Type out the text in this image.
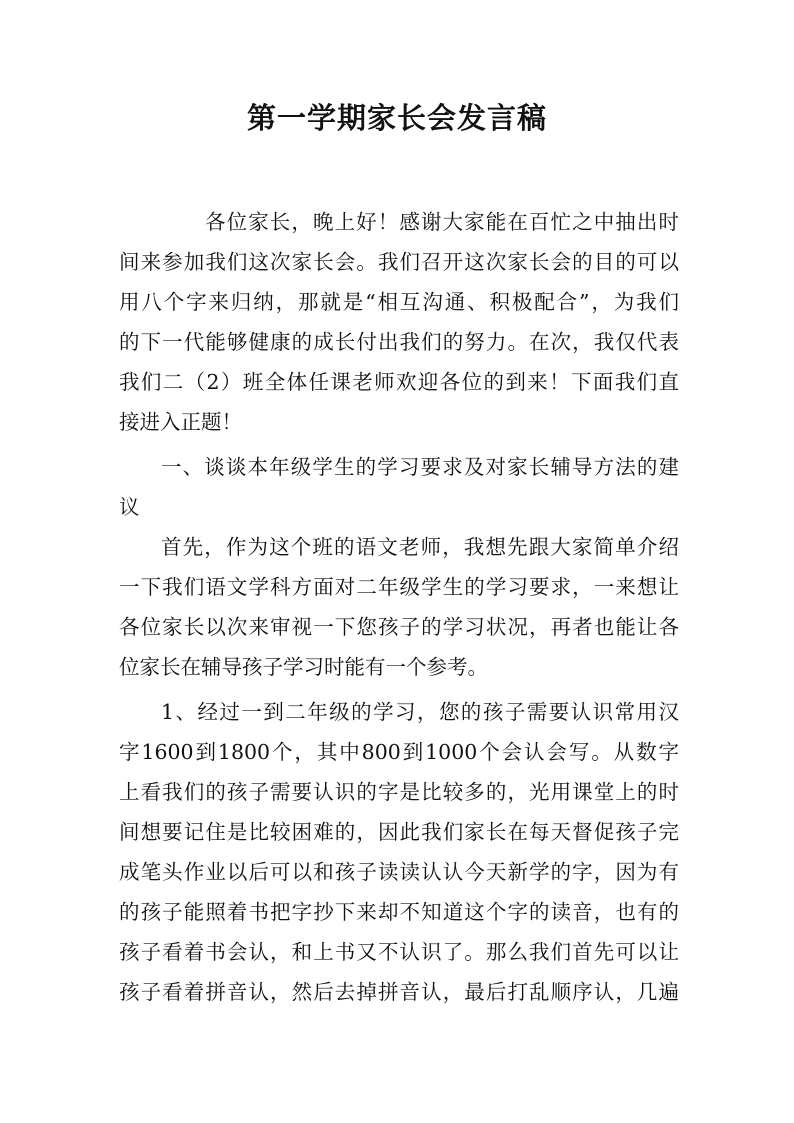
第一学期家长会发言稿
各位家长，晚上好！感谢大家能在百忙之中抽出时
间来参加我们这次家长会。我们召开这次家长会的目的可以
用八个字来归纳，那就是“相互沟通、积极配合”，为我们
的下一代能够健康的成长付出我们的努力。在次，我仅代表
我们二（2）班全体任课老师欢迎各位的到来！下面我们直
接进入正题！
一、谈谈本年级学生的学习要求及对家长辅导方法的建
议
首先，作为这个班的语文老师，我想先跟大家简单介绍
一下我们语文学科方面对二年级学生的学习要求，一来想让
各位家长以次来审视一下您孩子的学习状况，再者也能让各
位家长在辅导孩子学习时能有一个参考。
1、经过一到二年级的学习，您的孩子需要认识常用汉
字1600到1800个，其中800到1000个会认会写。从数字
上看我们的孩子需要认识的字是比较多的，光用课堂上的时
间想要记住是比较困难的，因此我们家长在每天督促孩子完
成笔头作业以后可以和孩子读读认认今天新学的字，因为有
的孩子能照着书把字抄下来却不知道这个字的读音，也有的
孩子看着书会认，和上书又不认识了。那么我们首先可以让
孩子看着拼音认，然后去掉拼音认，最后打乱顺序认，几遍
